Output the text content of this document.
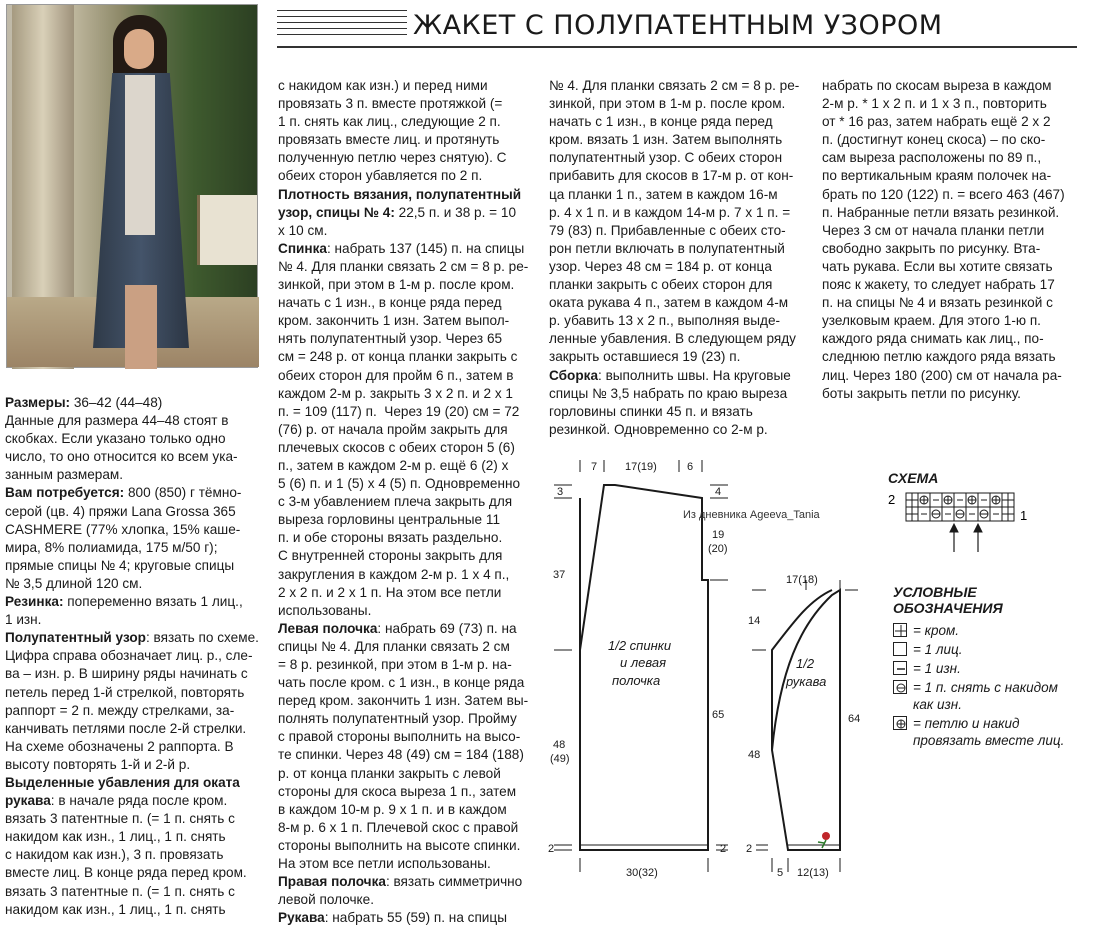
ЖАКЕТ С ПОЛУПАТЕНТНЫМ УЗОРОМ
Размеры: 36–42 (44–48)
Данные для размера 44–48 стоят в
скобках. Если указано только одно
число, то оно относится ко всем ука-
занным размерам.
Вам потребуется: 800 (850) г тёмно-
серой (цв. 4) пряжи Lana Grossa 365
CASHMERE (77% хлопка, 15% кашe-
мира, 8% полиамида, 175 м/50 г);
прямые спицы № 4; круговые спицы
№ 3,5 длиной 120 см.
Резинка: попеременно вязать 1 лиц.,
1 изн.
Полупатентный узор: вязать по схеме.
Цифра справа обозначает лиц. р., сле-
ва – изн. р. В ширину ряды начинать с
петель перед 1-й стрелкой, повторять
раппорт = 2 п. между стрелками, за-
канчивать петлями после 2-й стрелки.
На схеме обозначены 2 раппорта. В
высоту повторять 1-й и 2-й р.
Выделенные убавления для оката
рукава: в начале ряда после кром.
вязать 3 патентные п. (= 1 п. снять с
накидом как изн., 1 лиц., 1 п. снять
с накидом как изн.), 3 п. провязать
вместе лиц. В конце ряда перед кром.
вязать 3 патентные п. (= 1 п. снять с
накидом как изн., 1 лиц., 1 п. снять
с накидом как изн.) и перед ними
провязать 3 п. вместе протяжкой (=
1 п. снять как лиц., следующие 2 п.
провязать вместе лиц. и протянуть
полученную петлю через снятую). С
обеих сторон убавляется по 2 п.
Плотность вязания, полупатентный
узор, спицы № 4: 22,5 п. и 38 р. = 10
х 10 см.
Спинка: набрать 137 (145) п. на спицы
№ 4. Для планки связать 2 см = 8 р. ре-
зинкой, при этом в 1-м р. после кром.
начать с 1 изн., в конце ряда перед
кром. закончить 1 изн. Затем выпол-
нять полупатентный узор. Через 65
см = 248 р. от конца планки закрыть с
обеих сторон для пройм 6 п., затем в
каждом 2-м р. закрыть 3 х 2 п. и 2 х 1
п. = 109 (117) п.  Через 19 (20) см = 72
(76) р. от начала пройм закрыть для
плечевых скосов с обеих сторон 5 (6)
п., затем в каждом 2-м р. ещё 6 (2) х
5 (6) п. и 1 (5) х 4 (5) п. Одновременно
с 3-м убавлением плеча закрыть для
выреза горловины центральные 11
п. и обе стороны вязать раздельно.
С внутренней стороны закрыть для
закругления в каждом 2-м р. 1 х 4 п.,
2 х 2 п. и 2 х 1 п. На этом все петли
использованы.
Левая полочка: набрать 69 (73) п. на
спицы № 4. Для планки связать 2 см
= 8 р. резинкой, при этом в 1-м р. на-
чать после кром. с 1 изн., в конце ряда
перед кром. закончить 1 изн. Затем вы-
полнять полупатентный узор. Пройму
с правой стороны выполнить на высо-
те спинки. Через 48 (49) см = 184 (188)
р. от конца планки закрыть с левой
стороны для скоса выреза 1 п., затем
в каждом 10-м р. 9 х 1 п. и в каждом
8-м р. 6 х 1 п. Плечевой скос с правой
стороны выполнить на высоте спинки.
На этом все петли использованы.
Правая полочка: вязать симметрично
левой полочке.
Рукава: набрать 55 (59) п. на спицы
№ 4. Для планки связать 2 см = 8 р. ре-
зинкой, при этом в 1-м р. после кром.
начать с 1 изн., в конце ряда перед
кром. вязать 1 изн. Затем выполнять
полупатентный узор. С обеих сторон
прибавить для скосов в 17-м р. от кон-
ца планки 1 п., затем в каждом 16-м
р. 4 х 1 п. и в каждом 14-м р. 7 х 1 п. =
79 (83) п. Прибавленные с обеих сто-
рон петли включать в полупатентный
узор. Через 48 см = 184 р. от конца
планки закрыть с обеих сторон для
оката рукава 4 п., затем в каждом 4-м
р. убавить 13 х 2 п., выполняя выде-
ленные убавления. В следующем ряду
закрыть оставшиеся 19 (23) п.
Сборка: выполнить швы. На круговые
спицы № 3,5 набрать по краю выреза
горловины спинки 45 п. и вязать
резинкой. Одновременно со 2-м р.
набрать по скосам выреза в каждом
2-м р. * 1 х 2 п. и 1 х 3 п., повторить
от * 16 раз, затем набрать ещё 2 х 2
п. (достигнут конец скоса) – по ско-
сам выреза расположены по 89 п.,
по вертикальным краям полочек на-
брать по 120 (122) п. = всего 463 (467)
п. Набранные петли вязать резинкой.
Через 3 см от начала планки петли
свободно закрыть по рисунку. Вта-
чать рукава. Если вы хотите связать
пояс к жакету, то следует набрать 17
п. на спицы № 4 и вязать резинкой с
узелковым краем. Для этого 1-ю п.
каждого ряда снимать как лиц., по-
следнюю петлю каждого ряда вязать
лиц. Через 180 (200) см от начала ра-
боты закрыть петли по рисунку.
7	17(19)	6
3	4
19
(20)
37
48
(49)
65
2	2
30(32)
1/2 спинки
и левая
полочка
Из дневника Ageeva_Tania
17(18)
14
48
64
2
5 12(13)
1/2
рукава
СХЕМА
2
1
УСЛОВНЫЕ ОБОЗНАЧЕНИЯ
= кром.
= 1 лиц.
= 1 изн.
= 1 п. снять с накидом
как изн.
= петлю и накид
провязать вместе лиц.
